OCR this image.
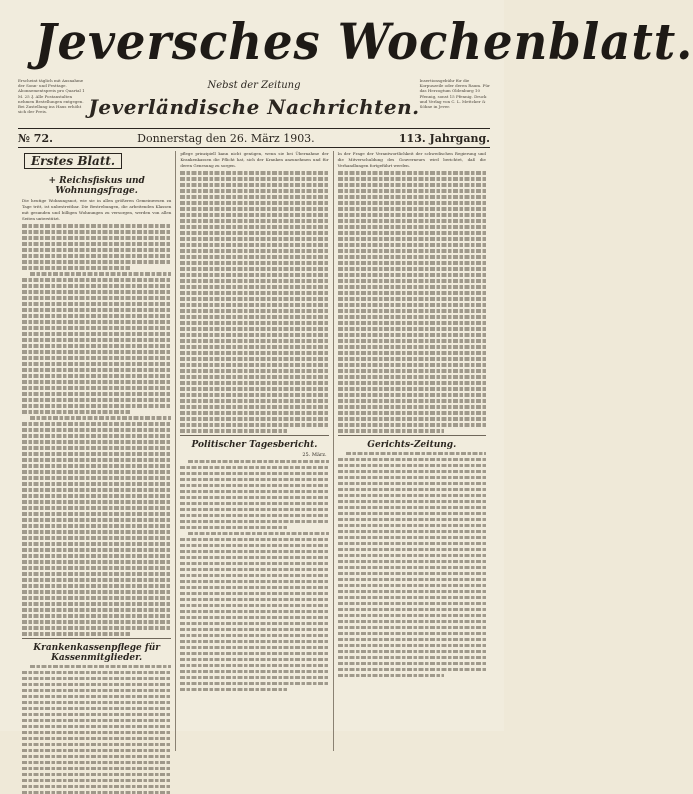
Jeversches Wochenblatt.
Erscheint täglich mit Ausnahme der Sonn- und Festtage. Abonnementspreis pro Quartal 1 M. 25 ₰. Alle Postanstalten nehmen Bestellungen entgegen. Bei Zustellung ins Haus erhöht sich der Preis.
Nebst der Zeitung
Jeverländische Nachrichten.
Insertionsgebühr für die Korpuszeile oder deren Raum. Für das Herzogtum Oldenburg 10 Pfennig, sonst 15 Pfennig. Druck und Verlag von C. L. Mettcker & Söhne in Jever.
№ 72.	Donnerstag den 26. März 1903.	113. Jahrgang.
Erstes Blatt.
+ Reichsfiskus und Wohnungsfrage.
Die heutige Wohnungsnot, wie sie in allen größeren Gemeinwesen zu Tage tritt, ist unbestreitbar. Die Bestrebungen, die arbeitenden Klassen mit gesunden und billigen Wohnungen zu versorgen, werden von allen Seiten unterstützt.
Krankenkassenpflege für Kassenmitglieder.
pflege prinzipiell kann nicht genügen, wenn sie bei Übernahme der Krankenkassen die Pflicht hat, sich der Kranken anzunehmen und für deren Genesung zu sorgen.
Politischer Tagesbericht.
25. März.
In der Frage der Verantwortlichkeit der schwedischen Regierung und die Mitverschuldung des Gouverneurs wird berichtet, daß die Verhandlungen fortgeführt werden.
Gerichts-Zeitung.
